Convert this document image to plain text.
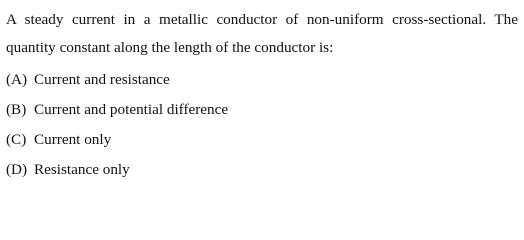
A steady current in a metallic conductor of non-uniform cross-sectional. The quantity constant along the length of the conductor is:

(A) Current and resistance
(B) Current and potential difference
(C) Current only
(D) Resistance only
